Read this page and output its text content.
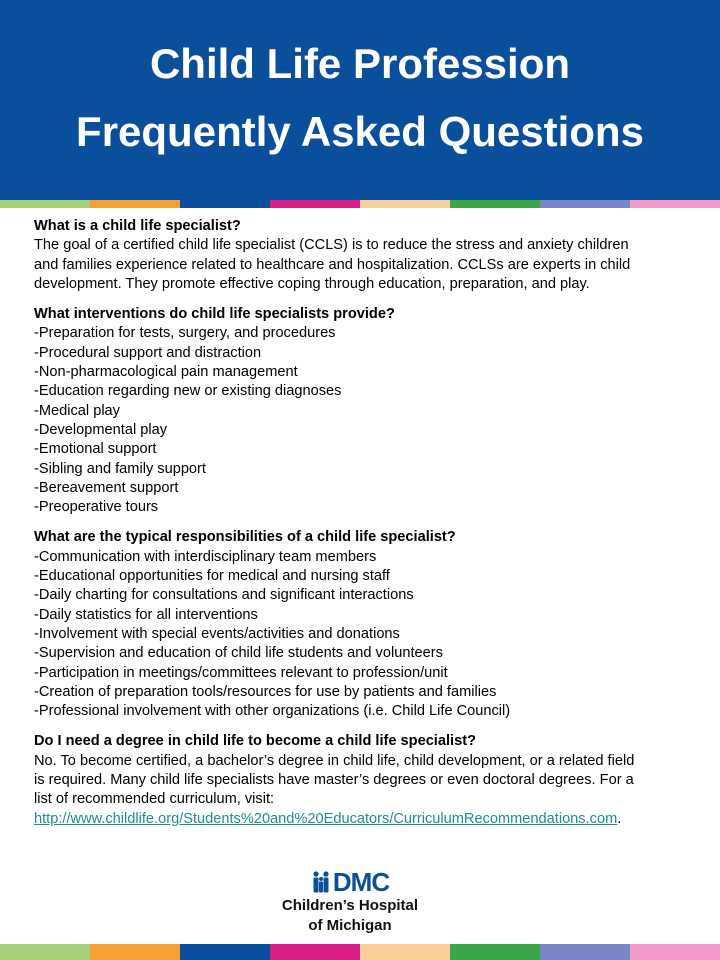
Child Life Profession
Frequently Asked Questions
What is a child life specialist?
The goal of a certified child life specialist (CCLS) is to reduce the stress and anxiety children
and families experience related to healthcare and hospitalization. CCLSs are experts in child
development. They promote effective coping through education, preparation, and play.
What interventions do child life specialists provide?
-Preparation for tests, surgery, and procedures
-Procedural support and distraction
-Non-pharmacological pain management
-Education regarding new or existing diagnoses
-Medical play
-Developmental play
-Emotional support
-Sibling and family support
-Bereavement support
-Preoperative tours
What are the typical responsibilities of a child life specialist?
-Communication with interdisciplinary team members
-Educational opportunities for medical and nursing staff
-Daily charting for consultations and significant interactions
-Daily statistics for all interventions
-Involvement with special events/activities and donations
-Supervision and education of child life students and volunteers
-Participation in meetings/committees relevant to profession/unit
-Creation of preparation tools/resources for use by patients and families
-Professional involvement with other organizations (i.e. Child Life Council)
Do I need a degree in child life to become a child life specialist?
No. To become certified, a bachelor’s degree in child life, child development, or a related field
is required. Many child life specialists have master’s degrees or even doctoral degrees. For a
list of recommended curriculum, visit:
http://www.childlife.org/Students%20and%20Educators/CurriculumRecommendations.com.
DMC
Children’s Hospital
of Michigan
